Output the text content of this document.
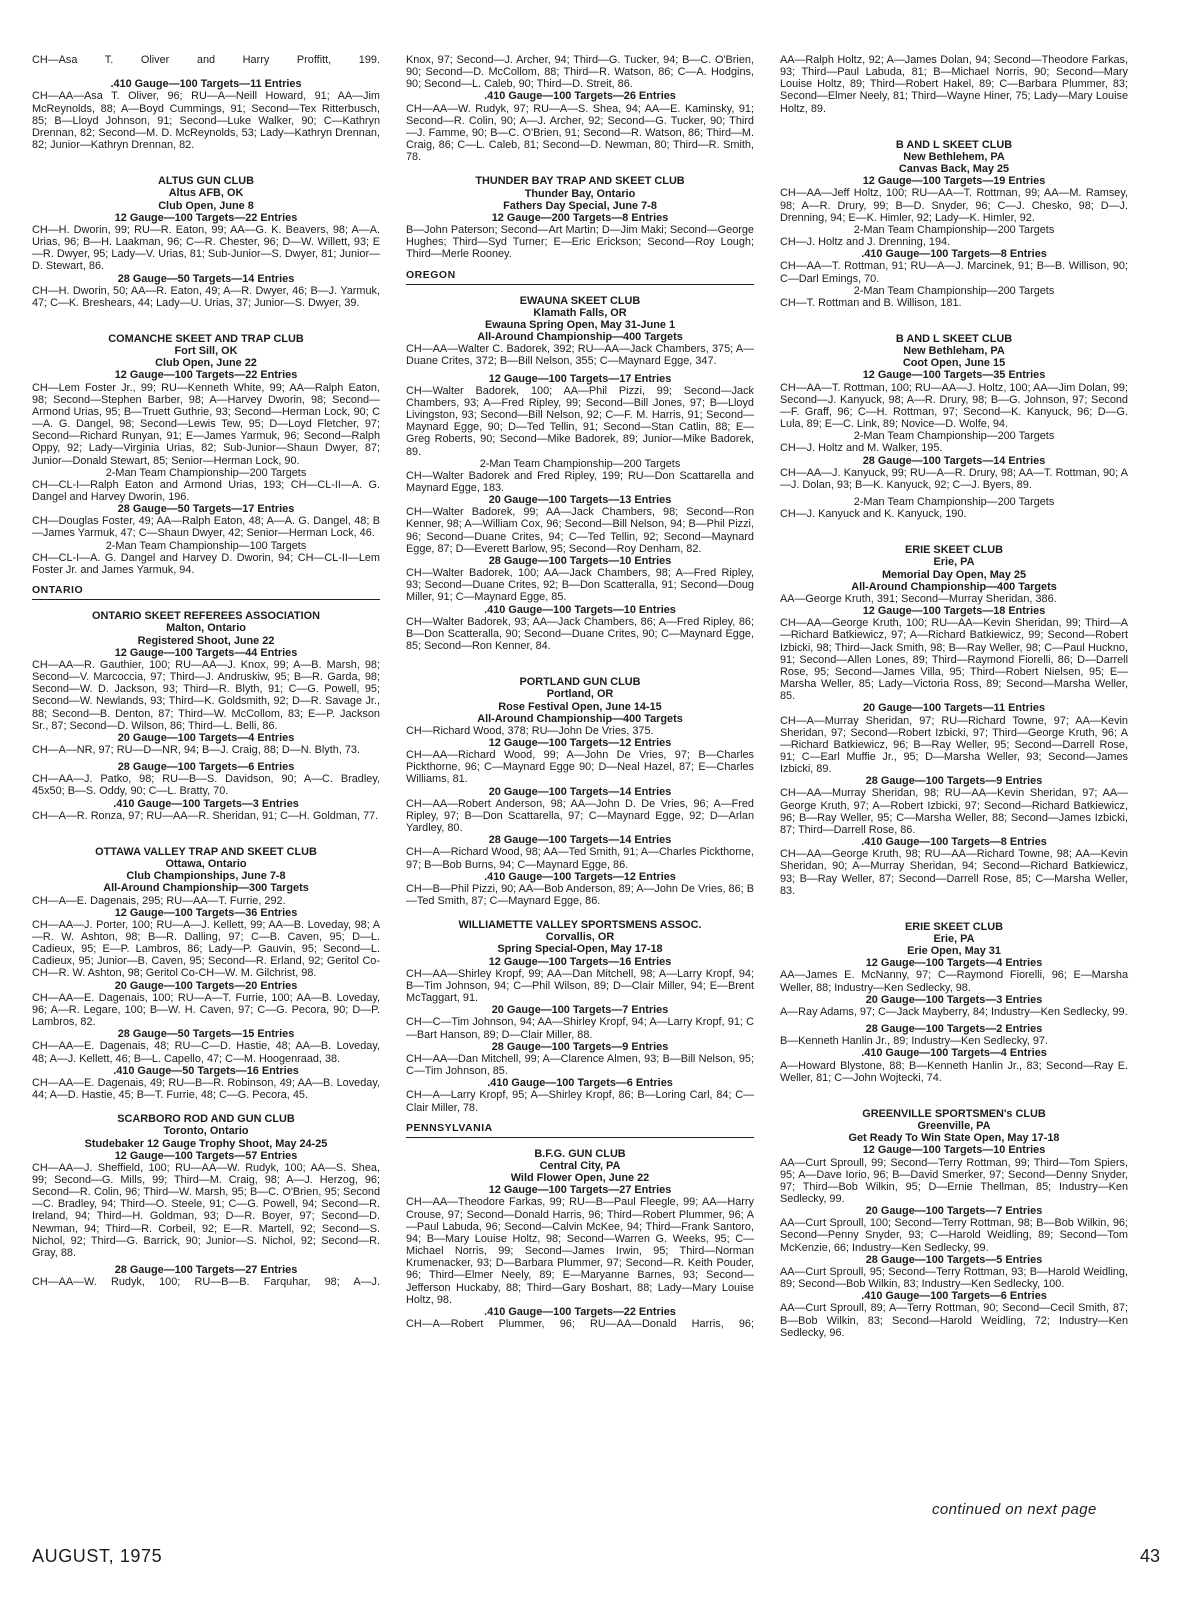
CH—Asa T. Oliver and Harry Proffitt, 199.

.410 Gauge—100 Targets—11 Entries

CH—AA—Asa T. Oliver, 96; RU—A—Neill Howard, 91; AA—Jim McReynolds, 88; A—Boyd Cummings, 91; Second—Tex Ritterbusch, 85; B—Lloyd Johnson, 91; Second—Luke Walker, 90; C—Kathryn Drennan, 82; Second—M. D. McReynolds, 53; Lady—Kathryn Drennan, 82; Junior—Kathryn Drennan, 82.

ALTUS GUN CLUB

Altus AFB, OK

Club Open, June 8

12 Gauge—100 Targets—22 Entries

CH—H. Dworin, 99; RU—R. Eaton, 99; AA—G. K. Beavers, 98; A—A. Urias, 96; B—H. Laakman, 96; C—R. Chester, 96; D—W. Willett, 93; E—R. Dwyer, 95; Lady—V. Urias, 81; Sub-Junior—S. Dwyer, 81; Junior—D. Stewart, 86.

28 Gauge—50 Targets—14 Entries

CH—H. Dworin, 50; AA—R. Eaton, 49; A—R. Dwyer, 46; B—J. Yarmuk, 47; C—K. Breshears, 44; Lady—U. Urias, 37; Junior—S. Dwyer, 39.

COMANCHE SKEET AND TRAP CLUB

Fort Sill, OK

Club Open, June 22

12 Gauge—100 Targets—22 Entries

CH—Lem Foster Jr., 99; RU—Kenneth White, 99; AA—Ralph Eaton, 98; Second—Stephen Barber, 98; A—Harvey Dworin, 98; Second—Armond Urias, 95; B—Truett Guthrie, 93; Second—Herman Lock, 90; C—A. G. Dangel, 98; Second—Lewis Tew, 95; D—Loyd Fletcher, 97; Second—Richard Runyan, 91; E—James Yarmuk, 96; Second—Ralph Oppy, 92; Lady—Virginia Urias, 82; Sub-Junior—Shaun Dwyer, 87; Junior—Donald Stewart, 85; Senior—Herman Lock, 90.

2-Man Team Championship—200 Targets

CH—CL-I—Ralph Eaton and Armond Urias, 193; CH—CL-II—A. G. Dangel and Harvey Dworin, 196.

28 Gauge—50 Targets—17 Entries

CH—Douglas Foster, 49; AA—Ralph Eaton, 48; A—A. G. Dangel, 48; B—James Yarmuk, 47; C—Shaun Dwyer, 42; Senior—Herman Lock, 46.

2-Man Team Championship—100 Targets

CH—CL-I—A. G. Dangel and Harvey D. Dworin, 94; CH—CL-II—Lem Foster Jr. and James Yarmuk, 94.

ONTARIO

ONTARIO SKEET REFEREES ASSOCIATION

Malton, Ontario

Registered Shoot, June 22

12 Gauge—100 Targets—44 Entries

CH—AA—R. Gauthier, 100; RU—AA—J. Knox, 99; A—B. Marsh, 98; Second—V. Marcoccia, 97; Third—J. Andruskiw, 95; B—R. Garda, 98; Second—W. D. Jackson, 93; Third—R. Blyth, 91; C—G. Powell, 95; Second—W. Newlands, 93; Third—K. Goldsmith, 92; D—R. Savage Jr., 88; Second—B. Denton, 87; Third—W. McCollom, 83; E—P. Jackson Sr., 87; Second—D. Wilson, 86; Third—L. Belli, 86.

20 Gauge—100 Targets—4 Entries

CH—A—NR, 97; RU—D—NR, 94; B—J. Craig, 88; D—N. Blyth, 73.

28 Gauge—100 Targets—6 Entries

CH—AA—J. Patko, 98; RU—B—S. Davidson, 90; A—C. Bradley, 45x50; B—S. Oddy, 90; C—L. Bratty, 70.

.410 Gauge—100 Targets—3 Entries

CH—A—R. Ronza, 97; RU—AA—R. Sheridan, 91; C—H. Goldman, 77.

OTTAWA VALLEY TRAP AND SKEET CLUB

Ottawa, Ontario

Club Championships, June 7-8

All-Around Championship—300 Targets

CH—A—E. Dagenais, 295; RU—AA—T. Furrie, 292.

12 Gauge—100 Targets—36 Entries

CH—AA—J. Porter, 100; RU—A—J. Kellett, 99; AA—B. Loveday, 98; A—R. W. Ashton, 98; B—R. Dalling, 97; C—B. Caven, 95; D—L. Cadieux, 95; E—P. Lambros, 86; Lady—P. Gauvin, 95; Second—L. Cadieux, 95; Junior—B. Caven, 95; Second—R. Erland, 92; Geritol Co-CH—R. W. Ashton, 98; Geritol Co-CH—W. M. Gilchrist, 98.

20 Gauge—100 Targets—20 Entries

CH—AA—E. Dagenais, 100; RU—A—T. Furrie, 100; AA—B. Loveday, 96; A—R. Legare, 100; B—W. H. Caven, 97; C—G. Pecora, 90; D—P. Lambros, 82.

28 Gauge—50 Targets—15 Entries

CH—AA—E. Dagenais, 48; RU—C—D. Hastie, 48; AA—B. Loveday, 48; A—J. Kellett, 46; B—L. Capello, 47; C—M. Hoogenraad, 38.

.410 Gauge—50 Targets—16 Entries

CH—AA—E. Dagenais, 49; RU—B—R. Robinson, 49; AA—B. Loveday, 44; A—D. Hastie, 45; B—T. Furrie, 48; C—G. Pecora, 45.

SCARBORO ROD AND GUN CLUB

Toronto, Ontario

Studebaker 12 Gauge Trophy Shoot, May 24-25

12 Gauge—100 Targets—57 Entries

CH—AA—J. Sheffield, 100; RU—AA—W. Rudyk, 100; AA—S. Shea, 99; Second—G. Mills, 99; Third—M. Craig, 98; A—J. Herzog, 96; Second—R. Colin, 96; Third—W. Marsh, 95; B—C. O'Brien, 95; Second—C. Bradley, 94; Third—O. Steele, 91; C—G. Powell, 94; Second—R. Ireland, 94; Third—H. Goldman, 93; D—R. Boyer, 97; Second—D. Newman, 94; Third—R. Corbeil, 92; E—R. Martell, 92; Second—S. Nichol, 92; Third—G. Barrick, 90; Junior—S. Nichol, 92; Second—R. Gray, 88.

28 Gauge—100 Targets—27 Entries

CH—AA—W. Rudyk, 100; RU—B—B. Farquhar, 98; A—J.

Knox, 97; Second—J. Archer, 94; Third—G. Tucker, 94; B—C. O'Brien, 90; Second—D. McCollom, 88; Third—R. Watson, 86; C—A. Hodgins, 90; Second—L. Caleb, 90; Third—D. Streit, 86.

.410 Gauge—100 Targets—26 Entries

CH—AA—W. Rudyk, 97; RU—A—S. Shea, 94; AA—E. Kaminsky, 91; Second—R. Colin, 90; A—J. Archer, 92; Second—G. Tucker, 90; Third—J. Famme, 90; B—C. O'Brien, 91; Second—R. Watson, 86; Third—M. Craig, 86; C—L. Caleb, 81; Second—D. Newman, 80; Third—R. Smith, 78.

THUNDER BAY TRAP AND SKEET CLUB

Thunder Bay, Ontario

Fathers Day Special, June 7-8

12 Gauge—200 Targets—8 Entries

B—John Paterson; Second—Art Martin; D—Jim Maki; Second—George Hughes; Third—Syd Turner; E—Eric Erickson; Second—Roy Lough; Third—Merle Rooney.

OREGON

EWAUNA SKEET CLUB

Klamath Falls, OR

Ewauna Spring Open, May 31-June 1

All-Around Championship—400 Targets

CH—AA—Walter C. Badorek, 392; RU—AA—Jack Chambers, 375; A—Duane Crites, 372; B—Bill Nelson, 355; C—Maynard Egge, 347.

12 Gauge—100 Targets—17 Entries

CH—Walter Badorek, 100; AA—Phil Pizzi, 99; Second—Jack Chambers, 93; A—Fred Ripley, 99; Second—Bill Jones, 97; B—Lloyd Livingston, 93; Second—Bill Nelson, 92; C—F. M. Harris, 91; Second—Maynard Egge, 90; D—Ted Tellin, 91; Second—Stan Catlin, 88; E—Greg Roberts, 90; Second—Mike Badorek, 89; Junior—Mike Badorek, 89.

2-Man Team Championship—200 Targets

CH—Walter Badorek and Fred Ripley, 199; RU—Don Scattarella and Maynard Egge, 183.

20 Gauge—100 Targets—13 Entries

CH—Walter Badorek, 99; AA—Jack Chambers, 98; Second—Ron Kenner, 98; A—William Cox, 96; Second—Bill Nelson, 94; B—Phil Pizzi, 96; Second—Duane Crites, 94; C—Ted Tellin, 92; Second—Maynard Egge, 87; D—Everett Barlow, 95; Second—Roy Denham, 82.

28 Gauge—100 Targets—10 Entries

CH—Walter Badorek, 100; AA—Jack Chambers, 98; A—Fred Ripley, 93; Second—Duane Crites, 92; B—Don Scatteralla, 91; Second—Doug Miller, 91; C—Maynard Egge, 85.

.410 Gauge—100 Targets—10 Entries

CH—Walter Badorek, 93; AA—Jack Chambers, 86; A—Fred Ripley, 86; B—Don Scatteralla, 90; Second—Duane Crites, 90; C—Maynard Egge, 85; Second—Ron Kenner, 84.

PORTLAND GUN CLUB

Portland, OR

Rose Festival Open, June 14-15

All-Around Championship—400 Targets

CH—Richard Wood, 378; RU—John De Vries, 375.

12 Gauge—100 Targets—12 Entries

CH—AA—Richard Wood, 99; A—John De Vries, 97; B—Charles Pickthorne, 96; C—Maynard Egge 90; D—Neal Hazel, 87; E—Charles Williams, 81.

20 Gauge—100 Targets—14 Entries

CH—AA—Robert Anderson, 98; AA—John D. De Vries, 96; A—Fred Ripley, 97; B—Don Scattarella, 97; C—Maynard Egge, 92; D—Arlan Yardley, 80.

28 Gauge—100 Targets—14 Entries

CH—A—Richard Wood, 98; AA—Ted Smith, 91; A—Charles Pickthorne, 97; B—Bob Burns, 94; C—Maynard Egge, 86.

.410 Gauge—100 Targets—12 Entries

CH—B—Phil Pizzi, 90; AA—Bob Anderson, 89; A—John De Vries, 86; B—Ted Smith, 87; C—Maynard Egge, 86.

WILLIAMETTE VALLEY SPORTSMENS ASSOC.

Corvallis, OR

Spring Special-Open, May 17-18

12 Gauge—100 Targets—16 Entries

CH—AA—Shirley Kropf, 99; AA—Dan Mitchell, 98; A—Larry Kropf, 94; B—Tim Johnson, 94; C—Phil Wilson, 89; D—Clair Miller, 94; E—Brent McTaggart, 91.

20 Gauge—100 Targets—7 Entries

CH—C—Tim Johnson, 94; AA—Shirley Kropf, 94; A—Larry Kropf, 91; C—Bart Hanson, 89; D—Clair Miller, 88.

28 Gauge—100 Targets—9 Entries

CH—AA—Dan Mitchell, 99; A—Clarence Almen, 93; B—Bill Nelson, 95; C—Tim Johnson, 85.

.410 Gauge—100 Targets—6 Entries

CH—A—Larry Kropf, 95; A—Shirley Kropf, 86; B—Loring Carl, 84; C—Clair Miller, 78.

PENNSYLVANIA

B.F.G. GUN CLUB

Central City, PA

Wild Flower Open, June 22

12 Gauge—100 Targets—27 Entries

CH—AA—Theodore Farkas, 99; RU—B—Paul Fleegle, 99; AA—Harry Crouse, 97; Second—Donald Harris, 96; Third—Robert Plummer, 96; A—Paul Labuda, 96; Second—Calvin McKee, 94; Third—Frank Santoro, 94; B—Mary Louise Holtz, 98; Second—Warren G. Weeks, 95; C—Michael Norris, 99; Second—James Irwin, 95; Third—Norman Krumenacker, 93; D—Barbara Plummer, 97; Second—R. Keith Pouder, 96; Third—Elmer Neely, 89; E—Maryanne Barnes, 93; Second—Jefferson Huckaby, 88; Third—Gary Boshart, 88; Lady—Mary Louise Holtz, 98.

.410 Gauge—100 Targets—22 Entries

CH—A—Robert Plummer, 96; RU—AA—Donald Harris, 96;

AA—Ralph Holtz, 92; A—James Dolan, 94; Second—Theodore Farkas, 93; Third—Paul Labuda, 81; B—Michael Norris, 90; Second—Mary Louise Holtz, 89; Third—Robert Hakel, 89; C—Barbara Plummer, 83; Second—Elmer Neely, 81; Third—Wayne Hiner, 75; Lady—Mary Louise Holtz, 89.

B AND L SKEET CLUB

New Bethlehem, PA

Canvas Back, May 25

12 Gauge—100 Targets—19 Entries

CH—AA—Jeff Holtz, 100; RU—AA—T. Rottman, 99; AA—M. Ramsey, 98; A—R. Drury, 99; B—D. Snyder, 96; C—J. Chesko, 98; D—J. Drenning, 94; E—K. Himler, 92; Lady—K. Himler, 92.

2-Man Team Championship—200 Targets

CH—J. Holtz and J. Drenning, 194.

.410 Gauge—100 Targets—8 Entries

CH—AA—T. Rottman, 91; RU—A—J. Marcinek, 91; B—B. Willison, 90; C—Darl Emings, 70.

2-Man Team Championship—200 Targets

CH—T. Rottman and B. Willison, 181.

B AND L SKEET CLUB

New Bethleham, PA

Coot Open, June 15

12 Gauge—100 Targets—35 Entries

CH—AA—T. Rottman, 100; RU—AA—J. Holtz, 100; AA—Jim Dolan, 99; Second—J. Kanyuck, 98; A—R. Drury, 98; B—G. Johnson, 97; Second—F. Graff, 96; C—H. Rottman, 97; Second—K. Kanyuck, 96; D—G. Lula, 89; E—C. Link, 89; Novice—D. Wolfe, 94.

2-Man Team Championship—200 Targets

CH—J. Holtz and M. Walker, 195.

28 Gauge—100 Targets—14 Entries

CH—AA—J. Kanyuck, 99; RU—A—R. Drury, 98; AA—T. Rottman, 90; A—J. Dolan, 93; B—K. Kanyuck, 92; C—J. Byers, 89.

2-Man Team Championship—200 Targets

CH—J. Kanyuck and K. Kanyuck, 190.

ERIE SKEET CLUB

Erie, PA

Memorial Day Open, May 25

All-Around Championship—400 Targets

AA—George Kruth, 391; Second—Murray Sheridan, 386.

12 Gauge—100 Targets—18 Entries

CH—AA—George Kruth, 100; RU—AA—Kevin Sheridan, 99; Third—A—Richard Batkiewicz, 97; A—Richard Batkiewicz, 99; Second—Robert Izbicki, 98; Third—Jack Smith, 98; B—Ray Weller, 98; C—Paul Huckno, 91; Second—Allen Lones, 89; Third—Raymond Fiorelli, 86; D—Darrell Rose, 95; Second—James Villa, 95; Third—Robert Nielsen, 95; E—Marsha Weller, 85; Lady—Victoria Ross, 89; Second—Marsha Weller, 85.

20 Gauge—100 Targets—11 Entries

CH—A—Murray Sheridan, 97; RU—Richard Towne, 97; AA—Kevin Sheridan, 97; Second—Robert Izbicki, 97; Third—George Kruth, 96; A—Richard Batkiewicz, 96; B—Ray Weller, 95; Second—Darrell Rose, 91; C—Earl Muffie Jr., 95; D—Marsha Weller, 93; Second—James Izbicki, 89.

28 Gauge—100 Targets—9 Entries

CH—AA—Murray Sheridan, 98; RU—AA—Kevin Sheridan, 97; AA—George Kruth, 97; A—Robert Izbicki, 97; Second—Richard Batkiewicz, 96; B—Ray Weller, 95; C—Marsha Weller, 88; Second—James Izbicki, 87; Third—Darrell Rose, 86.

.410 Gauge—100 Targets—8 Entries

CH—AA—George Kruth, 98; RU—AA—Richard Towne, 98; AA—Kevin Sheridan, 90; A—Murray Sheridan, 94; Second—Richard Batkiewicz, 93; B—Ray Weller, 87; Second—Darrell Rose, 85; C—Marsha Weller, 83.

ERIE SKEET CLUB

Erie, PA

Erie Open, May 31

12 Gauge—100 Targets—4 Entries

AA—James E. McNanny, 97; C—Raymond Fiorelli, 96; E—Marsha Weller, 88; Industry—Ken Sedlecky, 98.

20 Gauge—100 Targets—3 Entries

A—Ray Adams, 97; C—Jack Mayberry, 84; Industry—Ken Sedlecky, 99.

28 Gauge—100 Targets—2 Entries

B—Kenneth Hanlin Jr., 89; Industry—Ken Sedlecky, 97.

.410 Gauge—100 Targets—4 Entries

A—Howard Blystone, 88; B—Kenneth Hanlin Jr., 83; Second—Ray E. Weller, 81; C—John Wojtecki, 74.

GREENVILLE SPORTSMEN's CLUB

Greenville, PA

Get Ready To Win State Open, May 17-18

12 Gauge—100 Targets—10 Entries

AA—Curt Sproull, 99; Second—Terry Rottman, 99; Third—Tom Spiers, 95; A—Dave Iorio, 96; B—David Smerker, 97; Second—Denny Snyder, 97; Third—Bob Wilkin, 95; D—Ernie Thellman, 85; Industry—Ken Sedlecky, 99.

20 Gauge—100 Targets—7 Entries

AA—Curt Sproull, 100; Second—Terry Rottman, 98; B—Bob Wilkin, 96; Second—Penny Snyder, 93; C—Harold Weidling, 89; Second—Tom McKenzie, 66; Industry—Ken Sedlecky, 99.

28 Gauge—100 Targets—5 Entries

AA—Curt Sproull, 95; Second—Terry Rottman, 93; B—Harold Weidling, 89; Second—Bob Wilkin, 83; Industry—Ken Sedlecky, 100.

.410 Gauge—100 Targets—6 Entries

AA—Curt Sproull, 89; A—Terry Rottman, 90; Second—Cecil Smith, 87; B—Bob Wilkin, 83; Second—Harold Weidling, 72; Industry—Ken Sedlecky, 96.

continued on next page
AUGUST, 1975	43
